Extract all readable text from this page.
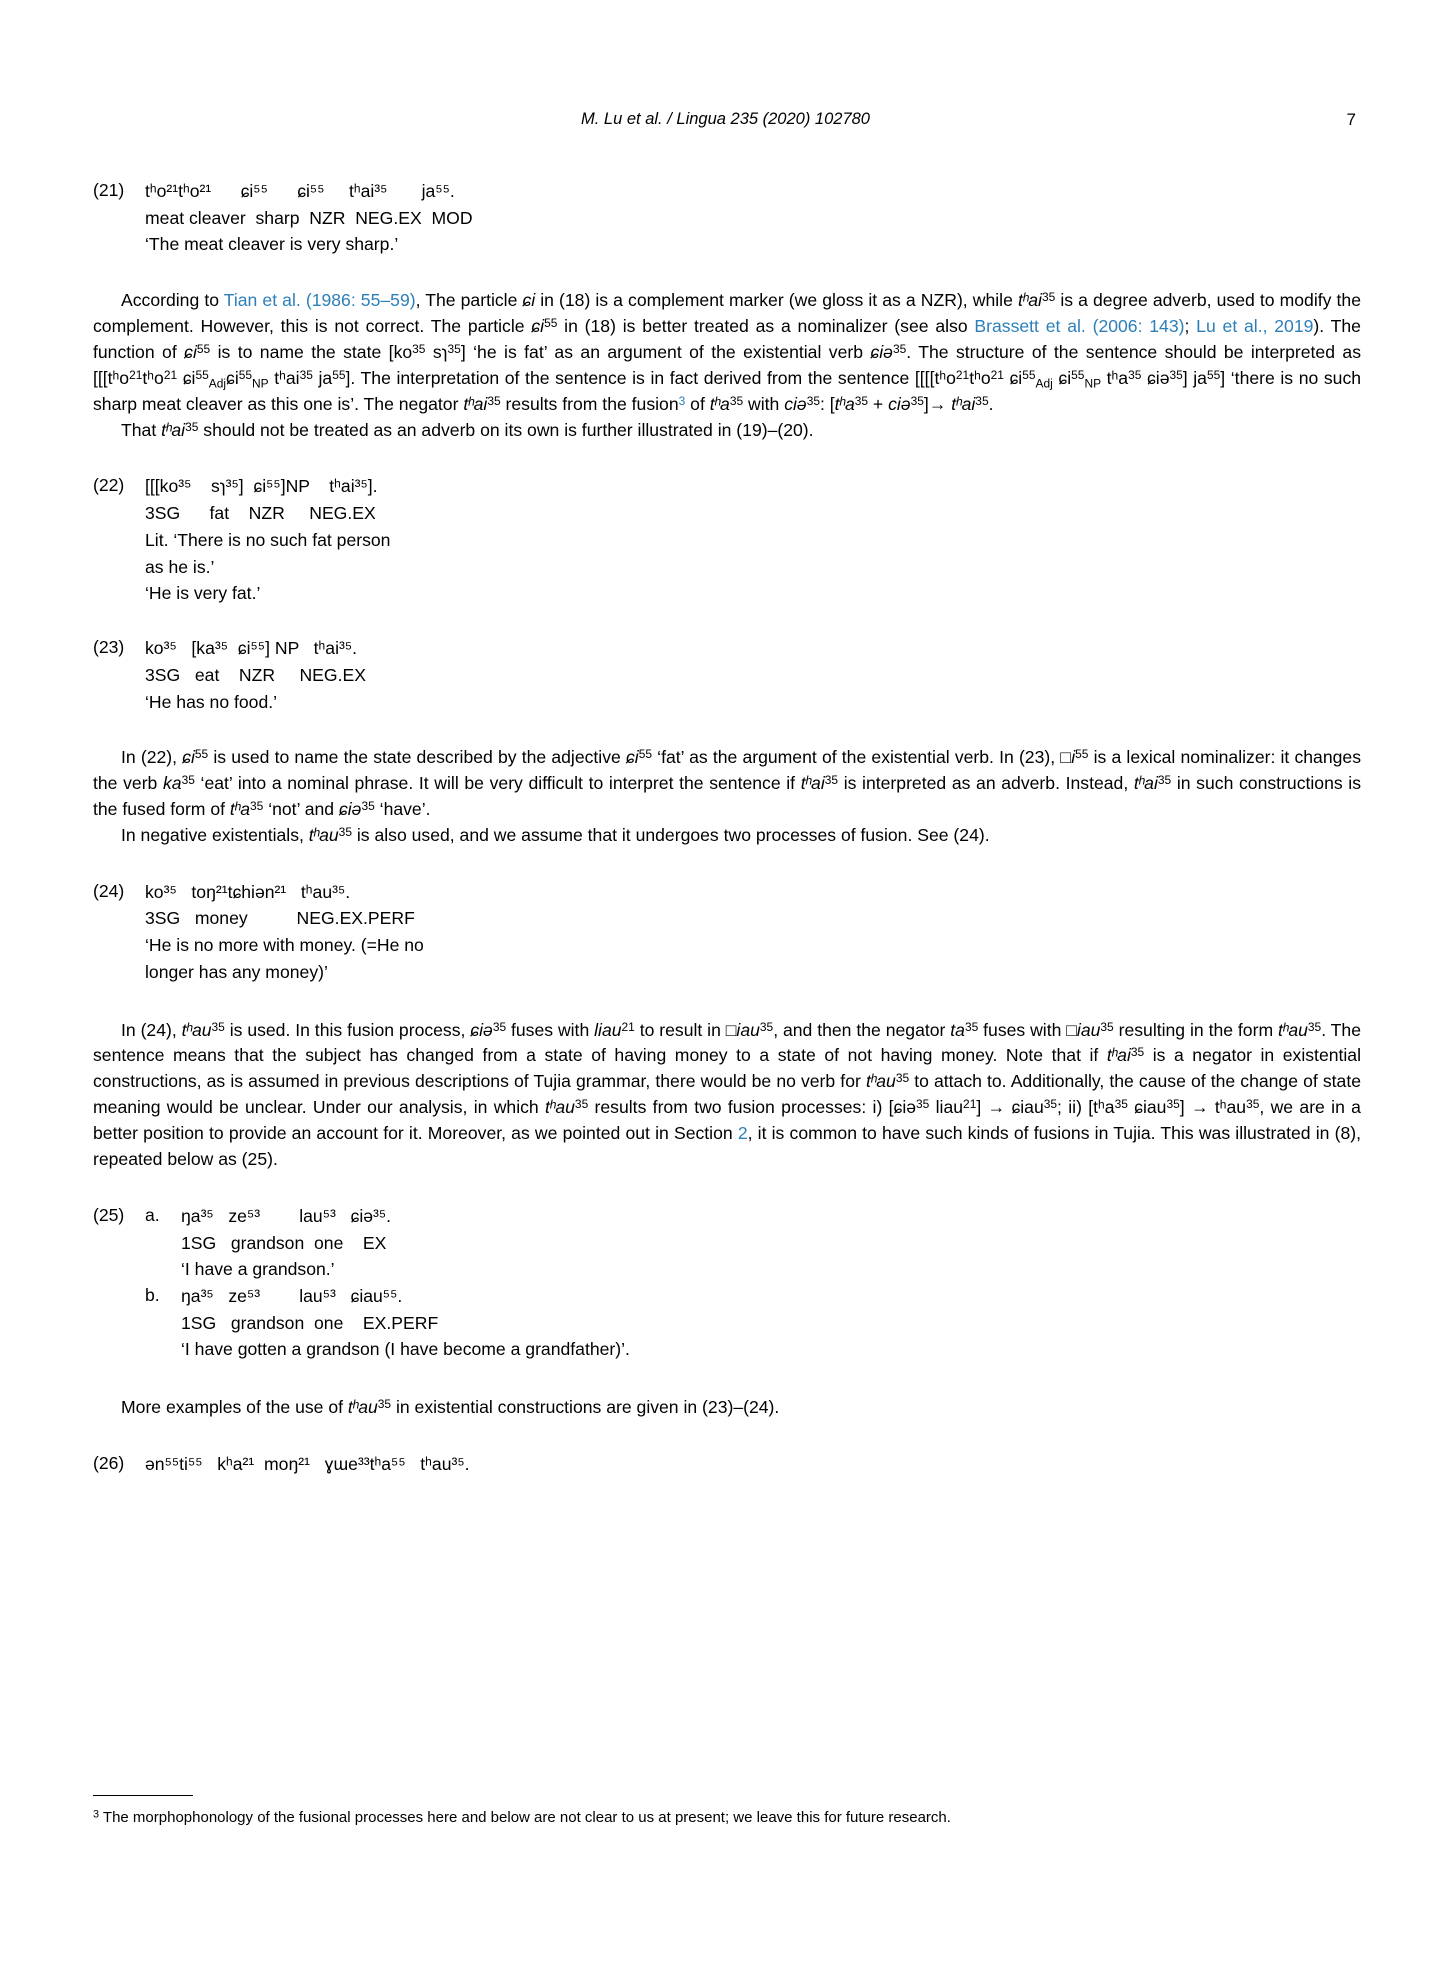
M. Lu et al. / Lingua 235 (2020) 102780	7
(21)	tʰo²¹tʰo²¹      ɕi⁵⁵      ɕi⁵⁵     tʰai³⁵       ja⁵⁵.
meat cleaver  sharp  NZR  NEG.EX  MOD
‘The meat cleaver is very sharp.’

According to Tian et al. (1986: 55–59), The particle ɕi in (18) is a complement marker (we gloss it as a NZR), while tʰai$^{35}$ is a degree adverb, used to modify the complement. However, this is not correct. The particle ɕi$^{55}$ in (18) is better treated as a nominalizer (see also Brassett et al. (2006: 143); Lu et al., 2019). The function of ɕi$^{55}$ is to name the state [$ko^{35}$ sɿ$^{35}$] ‘he is fat’ as an argument of the existential verb ɕiə$^{35}$. The structure of the sentence should be interpreted as [[[tʰo$^{21}$tʰo$^{21}$ ɕi$^{55}_{Adj}$ɕi$^{55}_{NP}$ tʰai$^{35}$ $ja^{55}$]. The interpretation of the sentence is in fact derived from the sentence [[[[tʰo$^{21}$tʰo$^{21}$ ɕi$^{55}_{Adj}$ ɕi$^{55}_{NP}$ tʰa$^{35}$ ɕiə$^{35}$] $ja^{55}$] ‘there is no such sharp meat cleaver as this one is’. The negator tʰai$^{35}$ results from the fusion$^3$ of tʰa$^{35}$ with ciə$^{35}$: [tʰa$^{35}$ + ciə$^{35}$]→ tʰai$^{35}$.

That tʰai$^{35}$ should not be treated as an adverb on its own is further illustrated in (19)–(20).

(22)	[[[ko³⁵    sɿ³⁵]  ɕi⁵⁵]NP    tʰai³⁵].
3SG      fat    NZR     NEG.EX
Lit. ‘There is no such fat person
as he is.’
‘He is very fat.’
(23)	ko³⁵   [ka³⁵  ɕi⁵⁵] NP   tʰai³⁵.
3SG   eat    NZR     NEG.EX
‘He has no food.’

In (22), ɕi$^{55}$ is used to name the state described by the adjective ɕi$^{55}$ ‘fat’ as the argument of the existential verb. In (23), $□i^{55}$ is a lexical nominalizer: it changes the verb $ka^{35}$ ‘eat’ into a nominal phrase. It will be very difficult to interpret the sentence if tʰai$^{35}$ is interpreted as an adverb. Instead, tʰai$^{35}$ in such constructions is the fused form of tʰa$^{35}$ ‘not’ and ɕiə$^{35}$ ‘have’.

In negative existentials, tʰau$^{35}$ is also used, and we assume that it undergoes two processes of fusion. See (24).

(24)	ko³⁵   toŋ²¹tɕhiən²¹   tʰau³⁵.
3SG   money          NEG.EX.PERF
‘He is no more with money. (=He no
longer has any money)’

In (24), tʰau$^{35}$ is used. In this fusion process, ɕiə$^{35}$ fuses with liau$^{21}$ to result in □iau$^{35}$, and then the negator $ta^{35}$ fuses with □iau$^{35}$ resulting in the form tʰau$^{35}$. The sentence means that the subject has changed from a state of having money to a state of not having money. Note that if tʰai$^{35}$ is a negator in existential constructions, as is assumed in previous descriptions of Tujia grammar, there would be no verb for tʰau$^{35}$ to attach to. Additionally, the cause of the change of state meaning would be unclear. Under our analysis, in which tʰau$^{35}$ results from two fusion processes: i) [ɕiə$^{35}$ liau$^{21}$] → ɕiau$^{35}$; ii) [tʰa$^{35}$ ɕiau$^{35}$] → tʰau$^{35}$, we are in a better position to provide an account for it. Moreover, as we pointed out in Section 2, it is common to have such kinds of fusions in Tujia. This was illustrated in (8), repeated below as (25).

(25)	a.	ŋa³⁵   ze⁵³        lau⁵³   ɕiə³⁵.
1SG   grandson  one    EX
‘I have a grandson.’
b.	ŋa³⁵   ze⁵³        lau⁵³   ɕiau⁵⁵.
1SG   grandson  one    EX.PERF
‘I have gotten a grandson (I have become a grandfather)’.

More examples of the use of tʰau$^{35}$ in existential constructions are given in (23)–(24).

(26)	ən⁵⁵ti⁵⁵   kʰa²¹  moŋ²¹   ɣɯe³³tʰa⁵⁵   tʰau³⁵.
$^3$ The morphophonology of the fusional processes here and below are not clear to us at present; we leave this for future research.
